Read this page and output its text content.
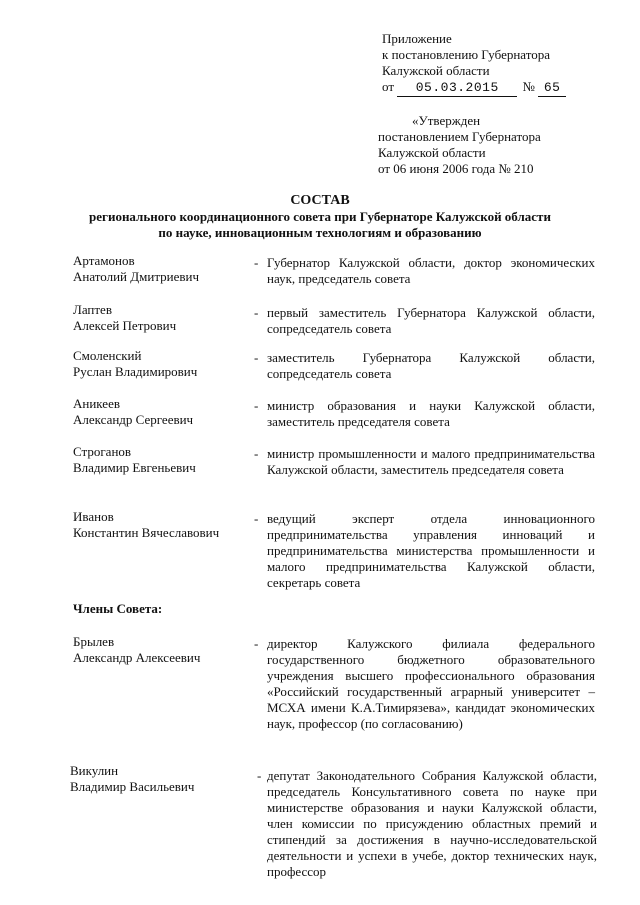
Приложение
к постановлению Губернатора
Калужской области
от 05.03.2015 № 65
«Утвержден
постановлением Губернатора
Калужской области
от 06 июня 2006 года № 210
СОСТАВ
регионального координационного совета при Губернаторе Калужской области
по науке, инновационным технологиям и образованию
Артамонов
Анатолий Дмитриевич
- Губернатор Калужской области, доктор экономических наук, председатель совета
Лаптев
Алексей Петрович
- первый заместитель Губернатора Калужской области, сопредседатель совета
Смоленский
Руслан Владимирович
- заместитель Губернатора Калужской области, сопредседатель совета
Аникеев
Александр Сергеевич
- министр образования и науки Калужской области, заместитель председателя совета
Строганов
Владимир Евгеньевич
- министр промышленности и малого предпринимательства Калужской области, заместитель председателя совета
Иванов
Константин Вячеславович
- ведущий эксперт отдела инновационного предпринимательства управления инноваций и предпринимательства министерства промышленности и малого предпринимательства Калужской области, секретарь совета
Члены Совета:
Брылев
Александр Алексеевич
- директор Калужского филиала федерального государственного бюджетного образовательного учреждения высшего профессионального образования «Российский государственный аграрный университет – МСХА имени К.А.Тимирязева», кандидат экономических наук, профессор (по согласованию)
Викулин
Владимир Васильевич
- депутат Законодательного Собрания Калужской области, председатель Консультативного совета по науке при министерстве образования и науки Калужской области, член комиссии по присуждению областных премий и стипендий за достижения в научно-исследовательской деятельности и успехи в учебе, доктор технических наук, профессор
